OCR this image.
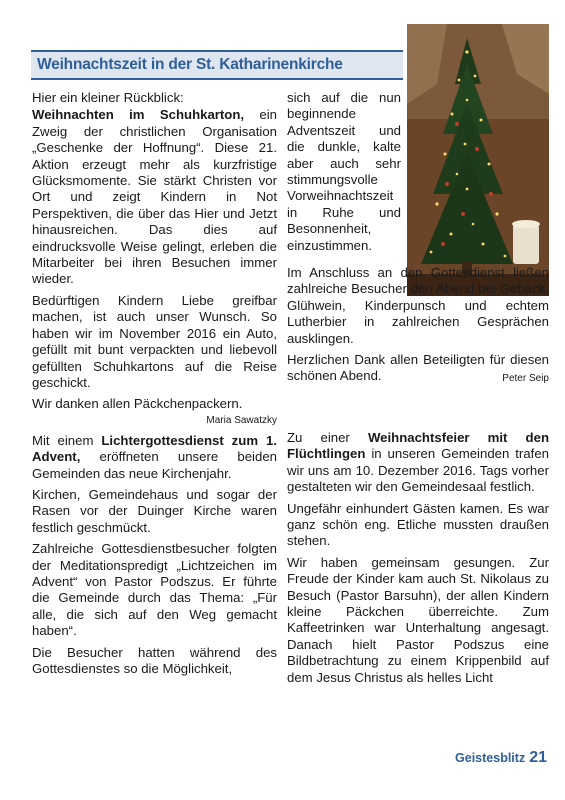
Weihnachtszeit in der St. Katharinenkirche

Hier ein kleiner Rückblick:

Weihnachten im Schuhkarton, ein Zweig der christlichen Organisation „Geschenke der Hoffnung“. Diese 21. Aktion erzeugt mehr als kurzfristige Glücksmomente. Sie stärkt Christen vor Ort und zeigt Kindern in Not Perspektiven, die über das Hier und Jetzt hinausreichen. Das dies auf eindrucksvolle Weise gelingt, erleben die Mitarbeiter bei ihren Besuchen immer wieder.

Bedürftigen Kindern Liebe greifbar machen, ist auch unser Wunsch. So haben wir im November 2016 ein Auto, gefüllt mit bunt verpackten und liebevoll gefüllten Schuhkartons auf die Reise geschickt.

Wir danken allen Päckchenpackern.

Maria Sawatzky

Mit einem Lichtergottesdienst zum 1. Advent, eröffneten unsere beiden Gemeinden das neue Kirchenjahr.

Kirchen, Gemeindehaus und sogar der Rasen vor der Duinger Kirche waren festlich geschmückt.

Zahlreiche Gottesdienstbesucher folgten der Meditationspredigt „Lichtzeichen im Advent“ von Pastor Podszus. Er führte die Gemeinde durch das Thema: „Für alle, die sich auf den Weg gemacht haben“.

Die Besucher hatten während des Gottesdienstes so die Möglichkeit,

sich auf die nun beginnende Adventszeit und die dunkle, kalte aber auch sehr stimmungsvolle Vorweihnachtszeit in Ruhe und Besonnenheit, einzustimmen.

Im Anschluss an den Gottesdienst ließen zahlreiche Besucher den Abend bei Gebäck, Glühwein, Kinderpunsch und echtem Lutherbier in zahlreichen Gesprächen ausklingen.

Herzlichen Dank allen Beteiligten für diesen schönen Abend.	Peter Seip

Zu einer Weihnachtsfeier mit den Flüchtlingen in unseren Gemeinden trafen wir uns am 10. Dezember 2016. Tags vorher gestalteten wir den Gemeindesaal festlich.

Ungefähr einhundert Gästen kamen. Es war ganz schön eng. Etliche mussten draußen stehen.

Wir haben gemeinsam gesungen. Zur Freude der Kinder kam auch St. Nikolaus zu Besuch (Pastor Barsuhn), der allen Kindern kleine Päckchen überreichte. Zum Kaffeetrinken war Unterhaltung angesagt. Danach hielt Pastor Podszus eine Bildbetrachtung zu einem Krippenbild auf dem Jesus Christus als helles Licht

Geistesblitz 21
